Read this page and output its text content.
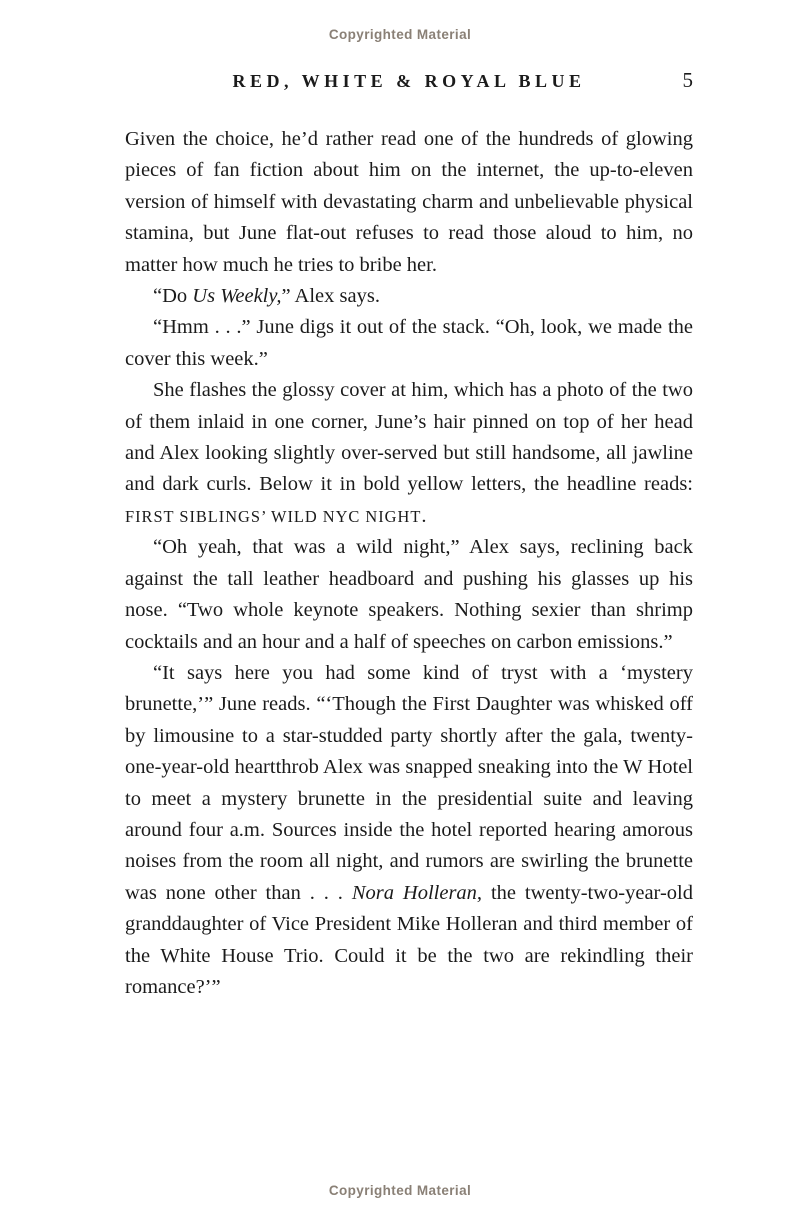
Copyrighted Material
5
RED, WHITE & ROYAL BLUE

Given the choice, he’d rather read one of the hundreds of glowing pieces of fan fiction about him on the internet, the up-to-eleven version of himself with devastating charm and unbelievable physical stamina, but June flat-out refuses to read those aloud to him, no matter how much he tries to bribe her.

“Do Us Weekly,” Alex says.

“Hmm . . .” June digs it out of the stack. “Oh, look, we made the cover this week.”

She flashes the glossy cover at him, which has a photo of the two of them inlaid in one corner, June’s hair pinned on top of her head and Alex looking slightly over-served but still handsome, all jawline and dark curls. Below it in bold yellow letters, the headline reads: FIRST SIBLINGS’ WILD NYC NIGHT.

“Oh yeah, that was a wild night,” Alex says, reclining back against the tall leather headboard and pushing his glasses up his nose. “Two whole keynote speakers. Nothing sexier than shrimp cocktails and an hour and a half of speeches on carbon emissions.”

“It says here you had some kind of tryst with a ‘mystery brunette,’” June reads. “‘Though the First Daughter was whisked off by limousine to a star-studded party shortly after the gala, twenty-one-year-old heartthrob Alex was snapped sneaking into the W Hotel to meet a mystery brunette in the presidential suite and leaving around four a.m. Sources inside the hotel reported hearing amorous noises from the room all night, and rumors are swirling the brunette was none other than . . . Nora Holleran, the twenty-two-year-old granddaughter of Vice President Mike Holleran and third member of the White House Trio. Could it be the two are rekindling their romance?’”

Copyrighted Material
